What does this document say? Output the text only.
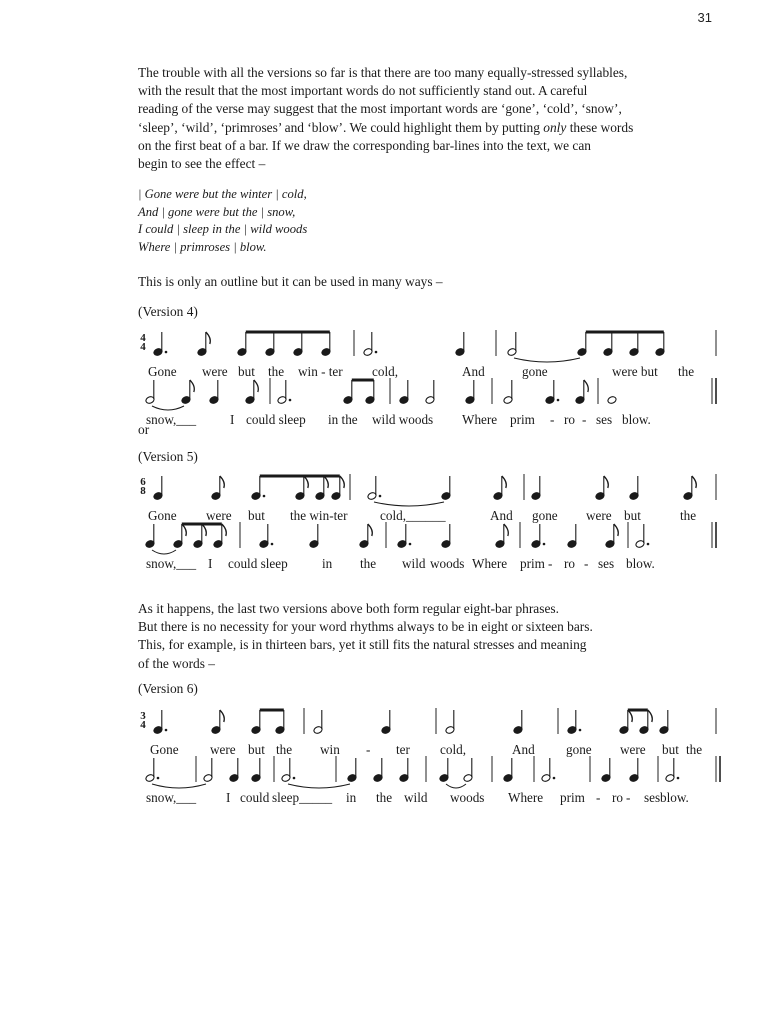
31

The trouble with all the versions so far is that there are too many equally-stressed syllables,
with the result that the most important words do not sufficiently stand out. A careful
reading of the verse may suggest that the most important words are ‘gone’, ‘cold’, ‘snow’,
‘sleep’, ‘wild’, ‘primroses’ and ‘blow’. We could highlight them by putting only these words
on the first beat of a bar. If we draw the corresponding bar-lines into the text, we can
begin to see the effect –

| Gone were but the winter | cold,
And | gone were but the | snow,
I could | sleep in the | wild woods
Where | primroses | blow.

This is only an outline but it can be used in many ways –

(Version 4)
4
4
Gone were but the win - ter cold,	And	gone	were but the
snow,___	I could sleep in the wild woods Where prim - ro - ses blow.
or
(Version 5)
6
8
Gone were but the win-ter cold,______	And gone were but	the
snow,___ I could sleep	in the wild woods Where prim - ro - ses blow.

As it happens, the last two versions above both form regular eight-bar phrases.
But there is no necessity for your word rhythms always to be in eight or sixteen bars.
This, for example, is in thirteen bars, yet it still fits the natural stresses and meaning
of the words –

(Version 6)
3
4
Gone were but the win - ter cold,	And gone were but the
snow,___ I could sleep_____ in the wild woods Where prim - ro - ses blow.
